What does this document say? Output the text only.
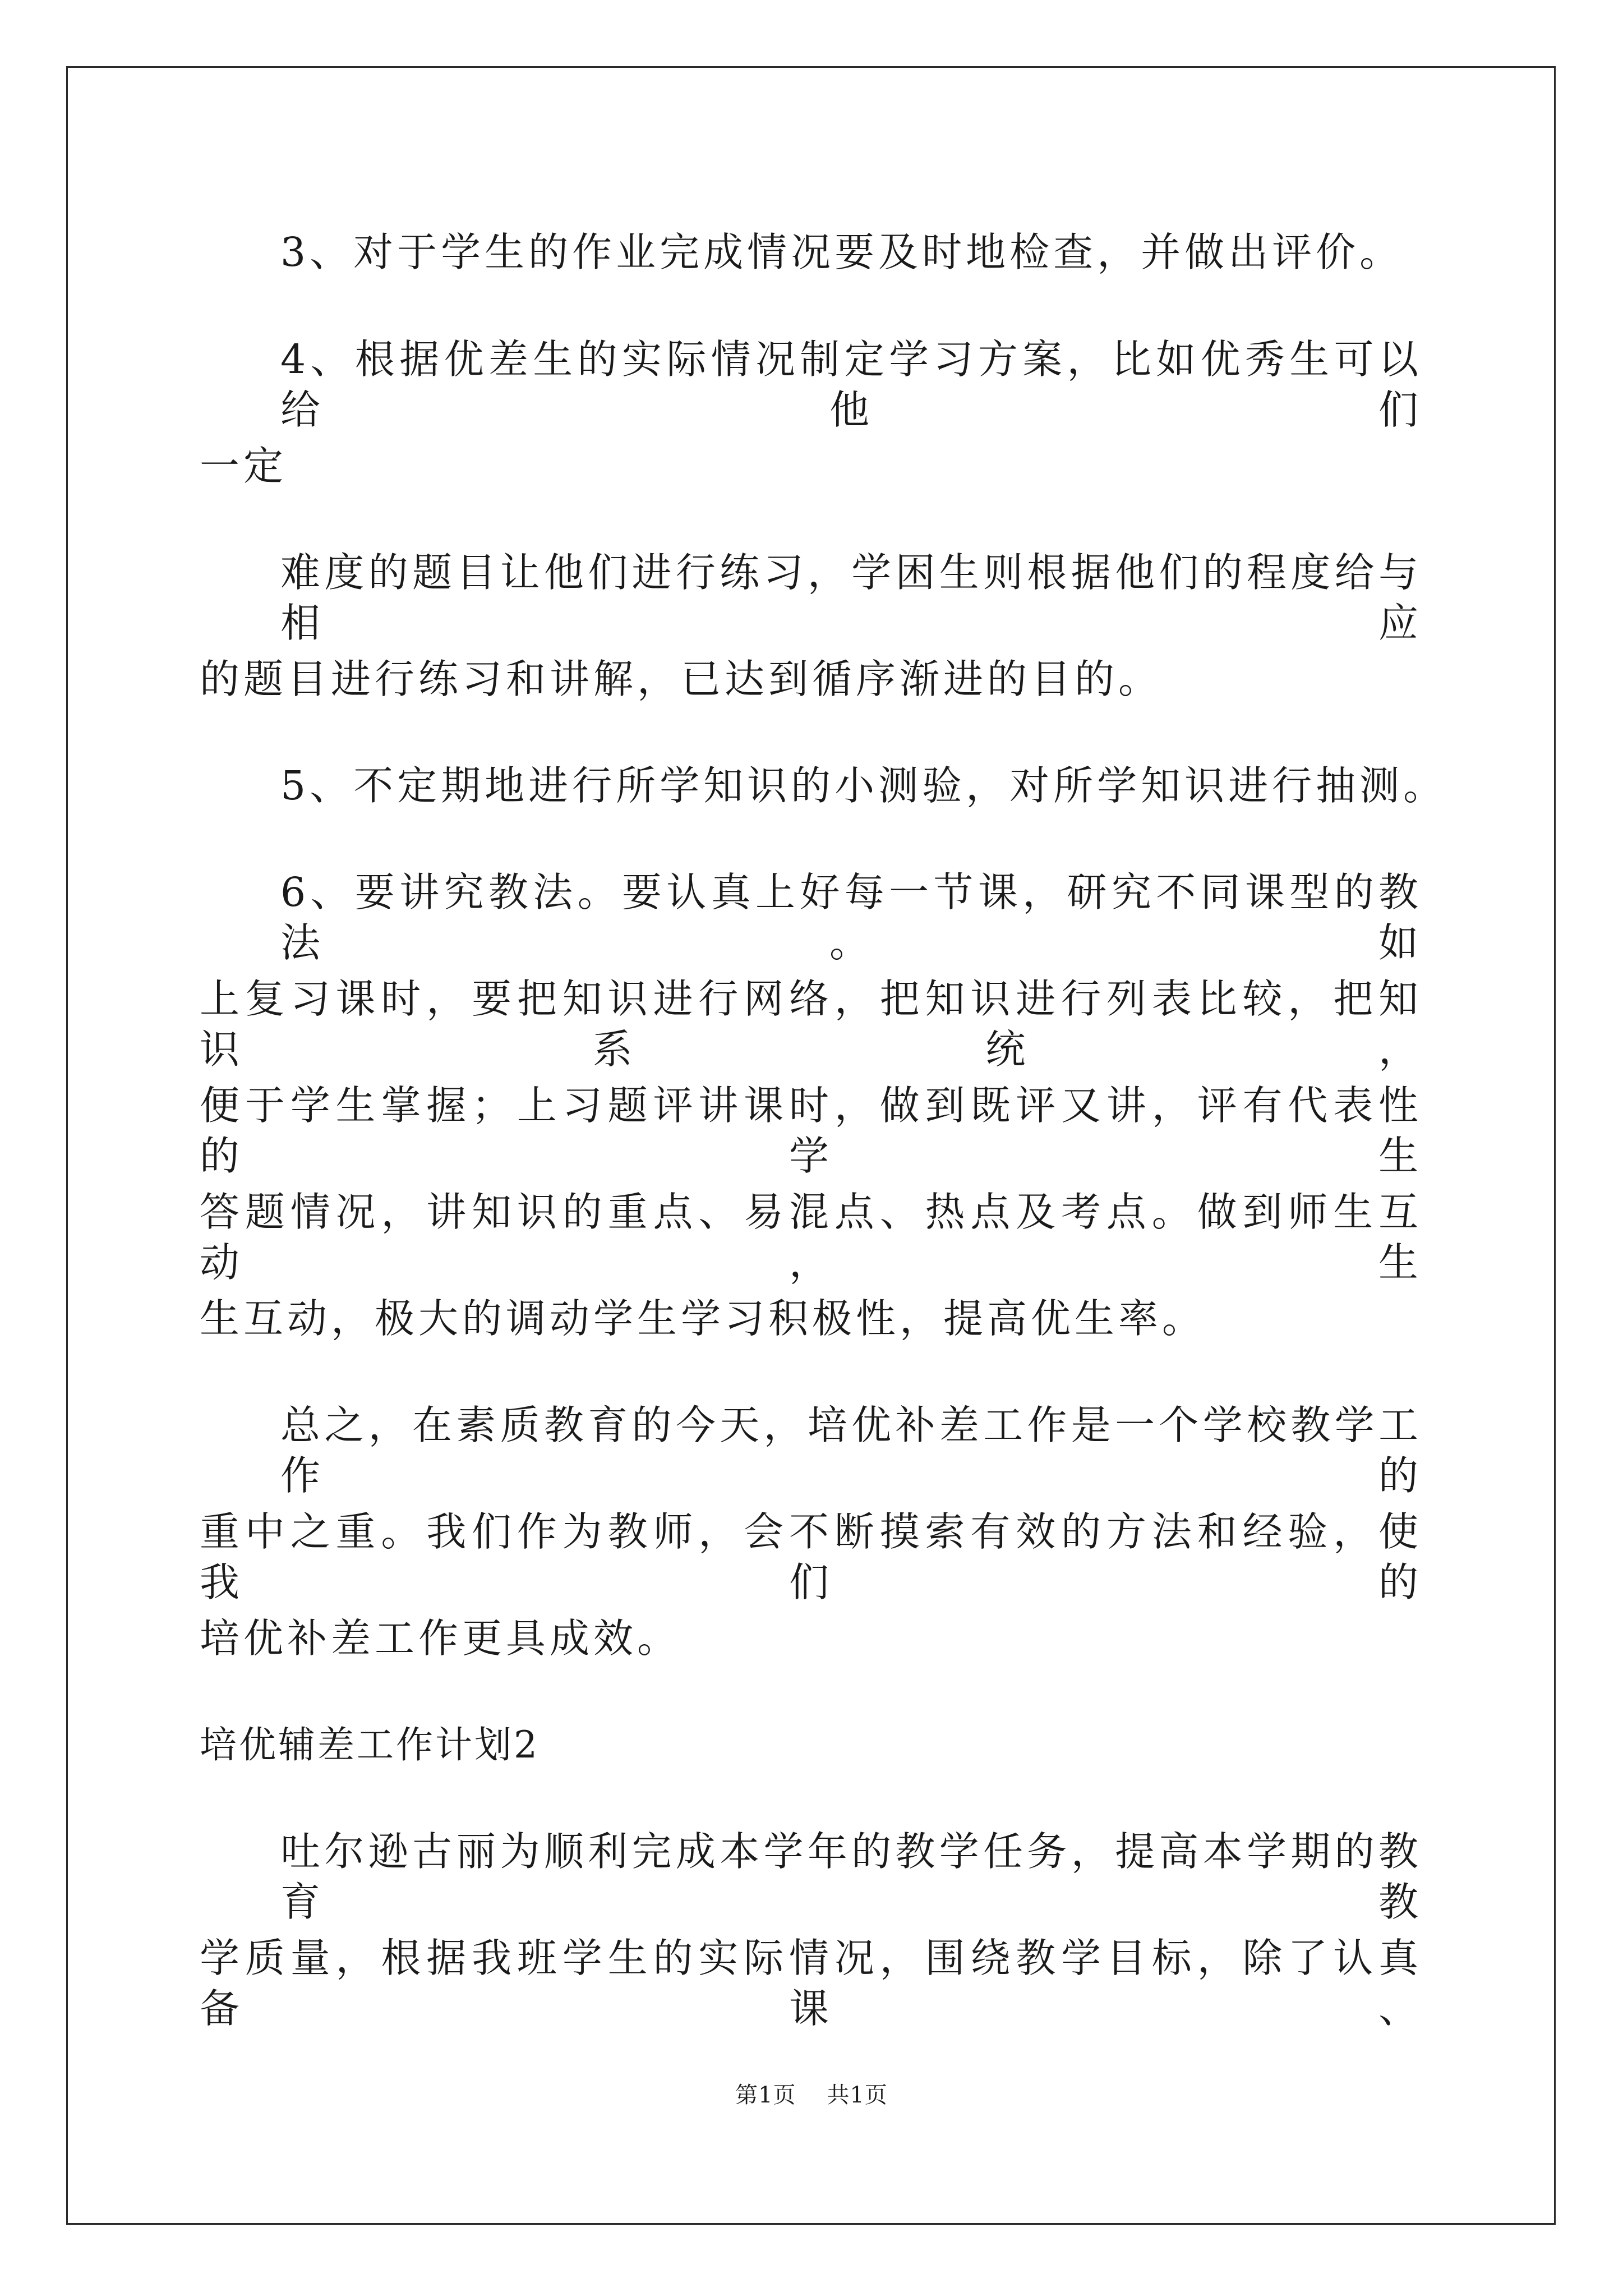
3、对于学生的作业完成情况要及时地检查，并做出评价。
4、根据优差生的实际情况制定学习方案，比如优秀生可以给他们
一定
难度的题目让他们进行练习，学困生则根据他们的程度给与相应
的题目进行练习和讲解，已达到循序渐进的目的。
5、不定期地进行所学知识的小测验，对所学知识进行抽测。
6、要讲究教法。要认真上好每一节课，研究不同课型的教法。如
上复习课时，要把知识进行网络，把知识进行列表比较，把知识系统，
便于学生掌握；上习题评讲课时，做到既评又讲，评有代表性的学生
答题情况，讲知识的重点、易混点、热点及考点。做到师生互动，生
生互动，极大的调动学生学习积极性，提高优生率。
总之，在素质教育的今天，培优补差工作是一个学校教学工作的
重中之重。我们作为教师，会不断摸索有效的方法和经验，使我们的
培优补差工作更具成效。
培优辅差工作计划2
吐尔逊古丽为顺利完成本学年的教学任务，提高本学期的教育教
学质量，根据我班学生的实际情况，围绕教学目标，除了认真备课、
第1页 共1页
